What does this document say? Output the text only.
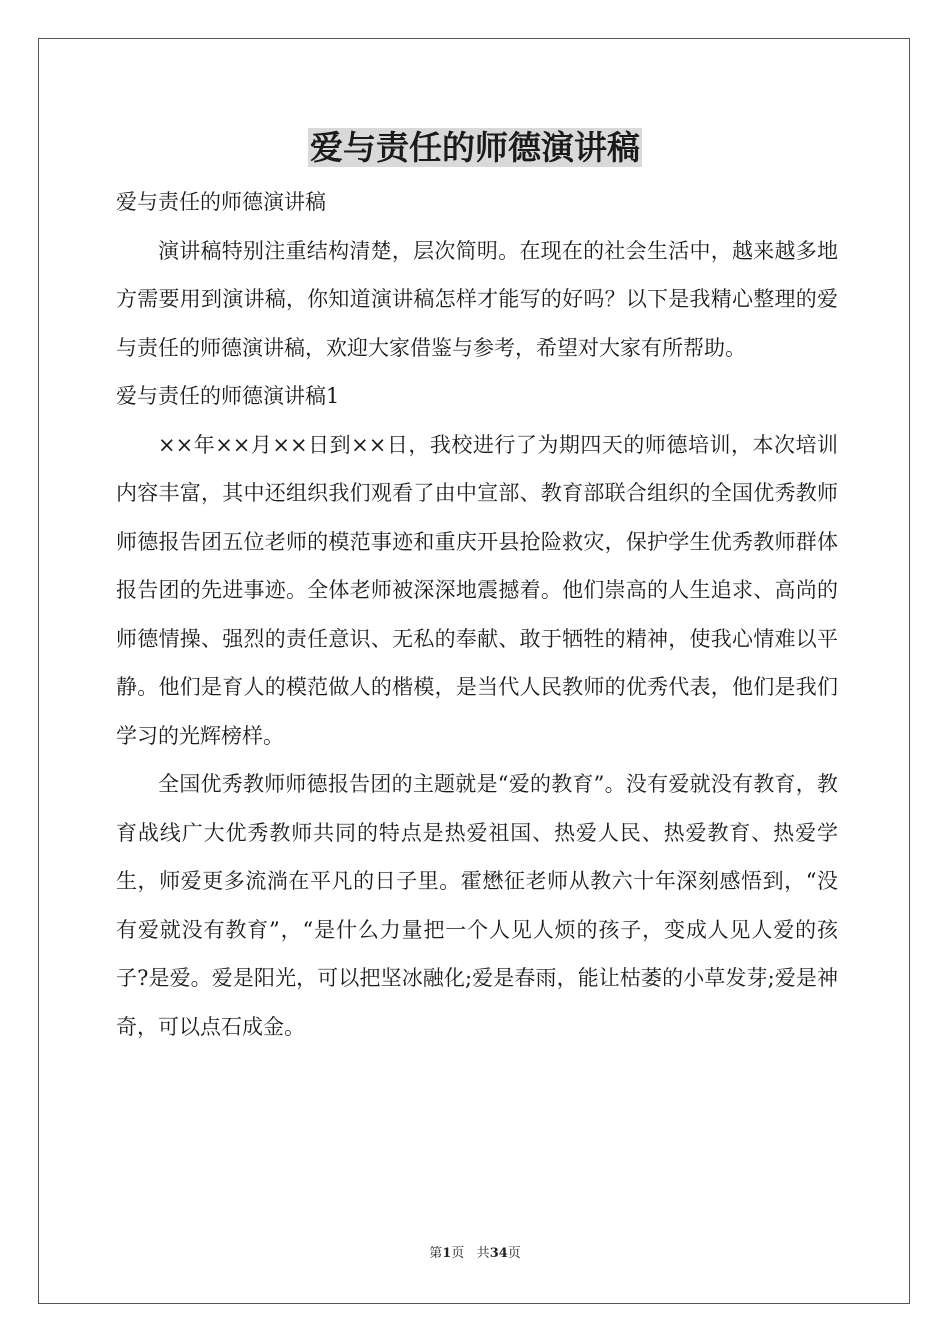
爱与责任的师德演讲稿

爱与责任的师德演讲稿

演讲稿特别注重结构清楚，层次简明。在现在的社会生活中，越来越多地方需要用到演讲稿，你知道演讲稿怎样才能写的好吗？以下是我精心整理的爱与责任的师德演讲稿，欢迎大家借鉴与参考，希望对大家有所帮助。

爱与责任的师德演讲稿1

××年××月××日到××日，我校进行了为期四天的师德培训，本次培训内容丰富，其中还组织我们观看了由中宣部、教育部联合组织的全国优秀教师师德报告团五位老师的模范事迹和重庆开县抢险救灾，保护学生优秀教师群体报告团的先进事迹。全体老师被深深地震撼着。他们崇高的人生追求、高尚的师德情操、强烈的责任意识、无私的奉献、敢于牺牲的精神，使我心情难以平静。他们是育人的模范做人的楷模，是当代人民教师的优秀代表，他们是我们学习的光辉榜样。

全国优秀教师师德报告团的主题就是“爱的教育”。没有爱就没有教育，教育战线广大优秀教师共同的特点是热爱祖国、热爱人民、热爱教育、热爱学生，师爱更多流淌在平凡的日子里。霍懋征老师从教六十年深刻感悟到，“没有爱就没有教育”，“是什么力量把一个人见人烦的孩子，变成人见人爱的孩子?是爱。爱是阳光，可以把坚冰融化;爱是春雨，能让枯萎的小草发芽;爱是神奇，可以点石成金。

第1页 共34页
